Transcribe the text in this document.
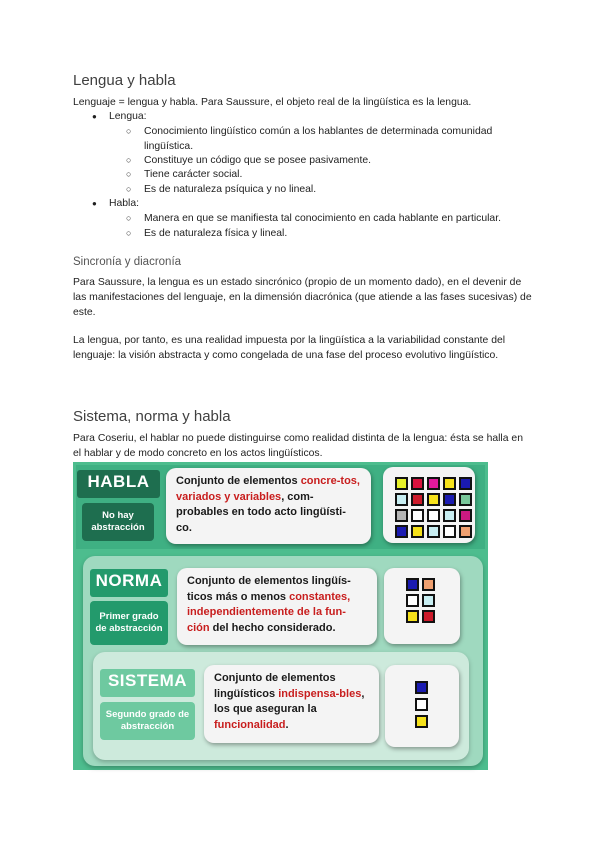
Lengua y habla
Lenguaje = lengua y habla. Para Saussure, el objeto real de la lingüística es la lengua.
● Lengua:
○ Conocimiento lingüístico común a los hablantes de determinada comunidad lingüística.
○ Constituye un código que se posee pasivamente.
○ Tiene carácter social.
○ Es de naturaleza psíquica y no lineal.
● Habla:
○ Manera en que se manifiesta tal conocimiento en cada hablante en particular.
○ Es de naturaleza física y lineal.
Sincronía y diacronía
Para Saussure, la lengua es un estado sincrónico (propio de un momento dado), en el devenir de las manifestaciones del lenguaje, en la dimensión diacrónica (que atiende a las fases sucesivas) de este.
La lengua, por tanto, es una realidad impuesta por la lingüística a la variabilidad constante del lenguaje: la visión abstracta y como congelada de una fase del proceso evolutivo lingüístico.
Sistema, norma y habla
Para Coseriu, el hablar no puede distinguirse como realidad distinta de la lengua: ésta se halla en el hablar y de modo concreto en los actos lingüísticos.
HABLA
No hay abstracción
Conjunto de elementos concre-tos, variados y variables, com-probables en todo acto lingüísti-co.
NORMA
Primer grado de abstracción
Conjunto de elementos lingüís-ticos más o menos constantes, independientemente de la fun-ción del hecho considerado.
SISTEMA
Segundo grado de abstracción
Conjunto de elementos lingüísticos indispensa-bles, los que aseguran la funcionalidad.
